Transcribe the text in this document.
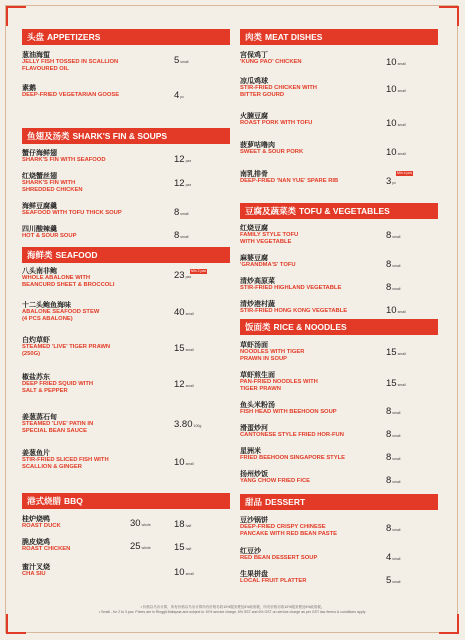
头盘 APPETIZERS
葱油海蜇
JELLY FISH TOSSED IN SCALLION
FLAVOURED OIL
5small
素鹅
DEEP-FRIED VEGETARIAN GOOSE	4pc
鱼翅及汤类 SHARK'S FIN & SOUPS
蟹仔海鲜翅
SHARK'S FIN WITH SEAFOOD	12pax
红烧蟹丝翅
SHARK'S FIN WITH
SHREDDED CHICKEN
12pax
海鲜豆腐羹
SEAFOOD WITH TOFU THICK SOUP	8small
四川酸辣羹
HOT & SOUR SOUP	8small
海鲜类 SEAFOOD
八头南非鲍
WHOLE ABALONE WITH
BEANCURD SHEET & BROCCOLI
23pax
Min 2 pax
十二头鲍鱼海味
ABALONE SEAFOOD STEW
(4 PCS ABALONE)
40small
白灼草虾
STEAMED 'LIVE' TIGER PRAWN
(250G)	15small
椒盐苏东
DEEP FRIED SQUID WITH
SALT & PEPPER
12small
姜葱蒸石甸
STEAMED 'LIVE' PATIN IN
SPECIAL BEAN SAUCE
3.80100g
姜葱鱼片
STIR-FRIED SLICED FISH WITH
SCALLION & GINGER	10small
港式烧腊 BBQ
桂炉烧鸭
ROAST DUCK	30whole 18half
脆皮烧鸡
ROAST CHICKEN	25whole 15half
蜜汁叉烧
CHA SIU	10small
肉类 MEAT DISHES
宫保鸡丁
'KUNG PAO' CHICKEN	10small
凉瓜鸡球
STIR-FRIED CHICKEN WITH
BITTER GOURD	10small
火腩豆腐
ROAST PORK WITH TOFU	10small
菠萝咕噜肉
SWEET & SOUR PORK	10small
南乳排骨
DEEP-FRIED 'NAN YUE' SPARE RIB	3pc
Min 4 pcs
豆腐及蔬菜类 TOFU & VEGETABLES
红烧豆腐
FAMILY STYLE TOFU
WITH VEGETABLE
8small
麻婆豆腐
'GRANDMA'S' TOFU	8small
清炒高原菜
STIR-FRIED HIGHLAND VEGETABLE	8small
清炒港村蔬
STIR-FRIED HONG KONG VEGETABLE	10small
饭面类 RICE & NOODLES
草虾汤面
NOODLES WITH TIGER
PRAWN IN SOUP
15small
草虾煎生面
PAN-FRIED NOODLES WITH
TIGER PRAWN	15small
鱼头米粉汤
FISH HEAD WITH BEEHOON SOUP	8small
滑蛋炒河
CANTONESE STYLE FRIED HOR-FUN	8small
星洲米
FRIED BEEHOON SINGAPORE STYLE	8small
扬州炒饭
YANG CHOW FRIED FICE	8small
甜品 DESSERT
豆沙锅饼
DEEP-FRIED CRISPY CHINESE
PANCAKE WITH RED BEAN PASTE	8small
红豆沙
RED BEAN DESSERT SOUP	4small
生果拼盘
LOCAL FRUIT PLATTER	5small
• 价格以马币计算，所有价格以马币计算所有价格另收10%服务费及6%政府税，所有价格另收10%服务费及6%政府税。
• Small - for 2 to 3 pax. Prices are in Ringgit Malaysia and subject to 10% service charge, 6% SST and 6% GST on service charge as per GST law /terms & conditions apply.
